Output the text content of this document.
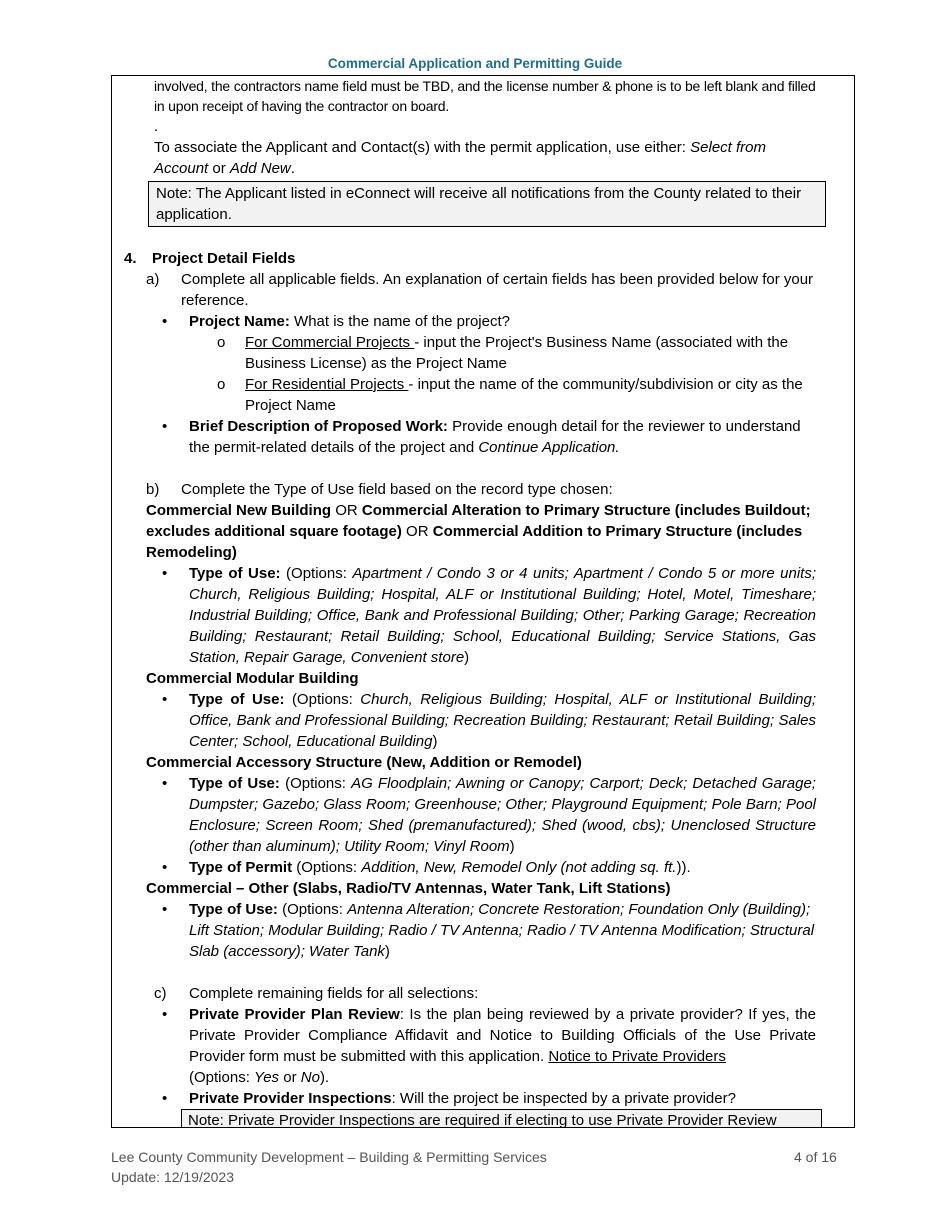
Commercial Application and Permitting Guide

involved, the contractors name field must be TBD, and the license number & phone is to be left blank and filled in upon receipt of having the contractor on board.

.

To associate the Applicant and Contact(s) with the permit application, use either: Select from Account or Add New.

Note: The Applicant listed in eConnect will receive all notifications from the County related to their application.

4. Project Detail Fields

a) Complete all applicable fields. An explanation of certain fields has been provided below for your reference.
• Project Name: What is the name of the project?
o For Commercial Projects - input the Project's Business Name (associated with the Business License) as the Project Name
o For Residential Projects - input the name of the community/subdivision or city as the Project Name
• Brief Description of Proposed Work: Provide enough detail for the reviewer to understand the permit-related details of the project and Continue Application.
b) Complete the Type of Use field based on the record type chosen:

Commercial New Building OR Commercial Alteration to Primary Structure (includes Buildout; excludes additional square footage) OR Commercial Addition to Primary Structure (includes Remodeling)

• Type of Use: (Options: Apartment / Condo 3 or 4 units; Apartment / Condo 5 or more units; Church, Religious Building; Hospital, ALF or Institutional Building; Hotel, Motel, Timeshare; Industrial Building; Office, Bank and Professional Building; Other; Parking Garage; Recreation Building; Restaurant; Retail Building; School, Educational Building; Service Stations, Gas Station, Repair Garage, Convenient store)

Commercial Modular Building

• Type of Use: (Options: Church, Religious Building; Hospital, ALF or Institutional Building; Office, Bank and Professional Building; Recreation Building; Restaurant; Retail Building; Sales Center; School, Educational Building)

Commercial Accessory Structure (New, Addition or Remodel)

• Type of Use: (Options: AG Floodplain; Awning or Canopy; Carport; Deck; Detached Garage; Dumpster; Gazebo; Glass Room; Greenhouse; Other; Playground Equipment; Pole Barn; Pool Enclosure; Screen Room; Shed (premanufactured); Shed (wood, cbs); Unenclosed Structure (other than aluminum); Utility Room; Vinyl Room)
• Type of Permit (Options: Addition, New, Remodel Only (not adding sq. ft.)).

Commercial – Other (Slabs, Radio/TV Antennas, Water Tank, Lift Stations)

• Type of Use: (Options: Antenna Alteration; Concrete Restoration; Foundation Only (Building); Lift Station; Modular Building; Radio / TV Antenna; Radio / TV Antenna Modification; Structural Slab (accessory); Water Tank)
c) Complete remaining fields for all selections:
• Private Provider Plan Review: Is the plan being reviewed by a private provider? If yes, the Private Provider Compliance Affidavit and Notice to Building Officials of the Use Private Provider form must be submitted with this application. Notice to Private Providers
(Options: Yes or No).
• Private Provider Inspections: Will the project be inspected by a private provider?
Note: Private Provider Inspections are required if electing to use Private Provider Review
Lee County Community Development – Building & Permitting Services
Update: 12/19/2023
4 of 16
